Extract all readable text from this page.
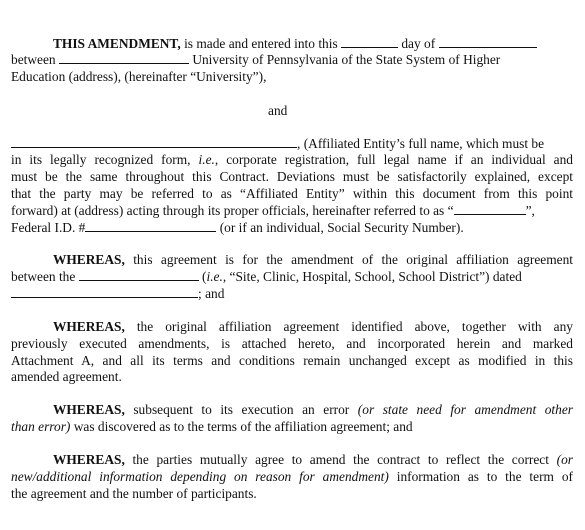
THIS AMENDMENT, is made and entered into this	day of
between	University of Pennsylvania of the State System of Higher
Education (address), (hereinafter “University”),
and
, (Affiliated Entity’s full name, which must be
in its legally recognized form, i.e., corporate registration, full legal name if an individual and
must be the same throughout this Contract. Deviations must be satisfactorily explained, except
that the party may be referred to as “Affiliated Entity” within this document from this point
forward) at (address) acting through its proper officials, hereinafter referred to as “	”,
Federal I.D. #	(or if an individual, Social Security Number).
WHEREAS, this agreement is for the amendment of the original affiliation agreement
between the	(i.e., “Site, Clinic, Hospital, School, School District”) dated
; and
WHEREAS, the original affiliation agreement identified above, together with any
previously executed amendments, is attached hereto, and incorporated herein and marked
Attachment A, and all its terms and conditions remain unchanged except as modified in this
amended agreement.
WHEREAS, subsequent to its execution an error (or state need for amendment other
than error) was discovered as to the terms of the affiliation agreement; and
WHEREAS, the parties mutually agree to amend the contract to reflect the correct (or
new/additional information depending on reason for amendment) information as to the term of
the agreement and the number of participants.
